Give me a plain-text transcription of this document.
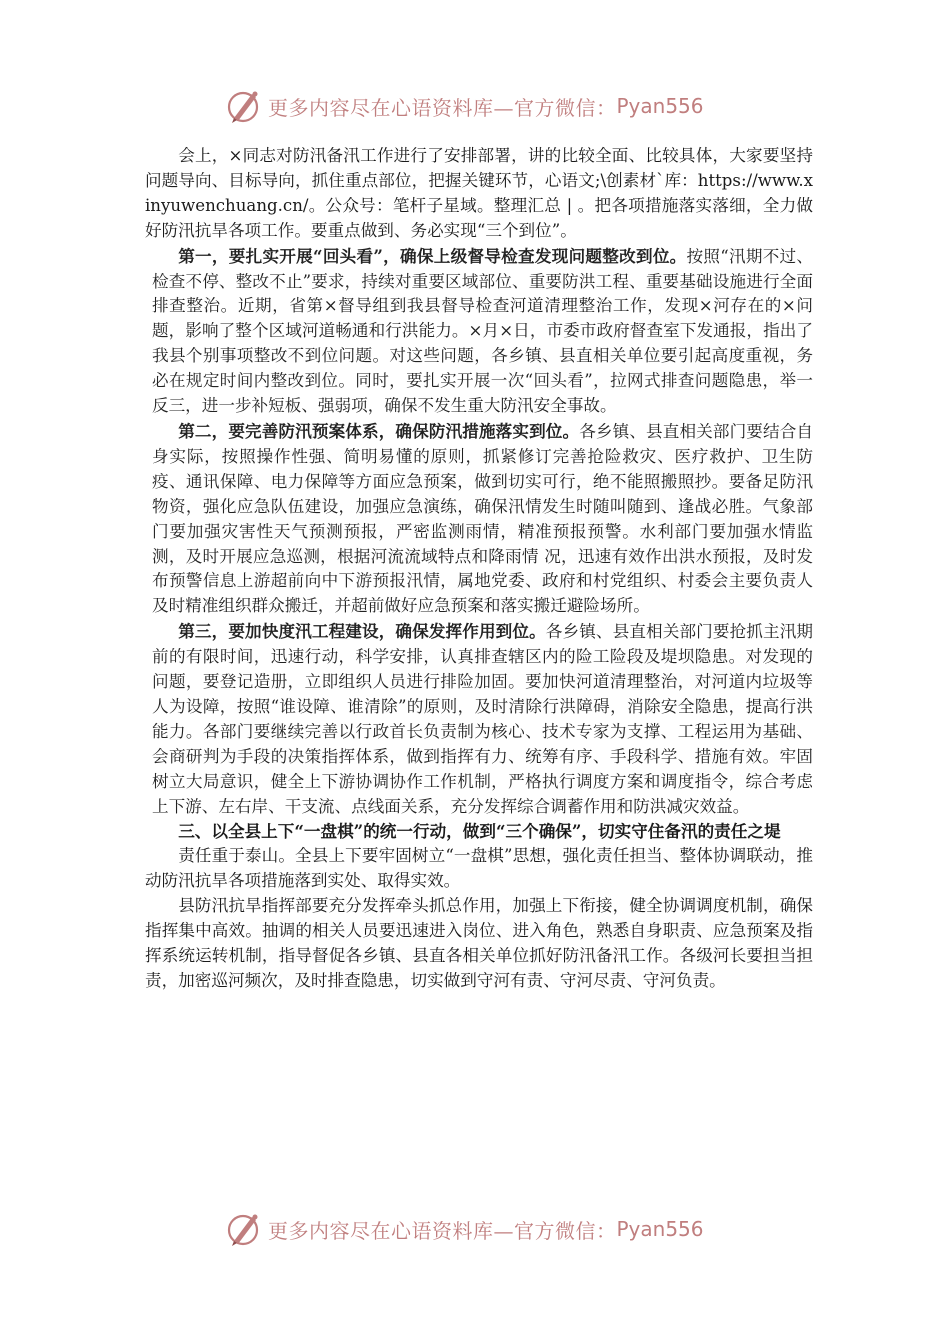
更多内容尽在心语资料库—官方微信： Pyan556

会上，×同志对防汛备汛工作进行了安排部署，讲的比较全面、比较具体，大家要坚持问题导向、目标导向，抓住重点部位，把握关键环节，心语文;\创素材`库：https://www.xinyuwenchuang.cn/。公众号：笔杆子星域。整理汇总 | 。把各项措施落实落细，全力做好防汛抗旱各项工作。要重点做到、务必实现“三个到位”。

第一，要扎实开展“回头看”，确保上级督导检查发现问题整改到位。按照“汛期不过、检查不停、整改不止”要求，持续对重要区域部位、重要防洪工程、重要基础设施进行全面排查整治。近期，省第×督导组到我县督导检查河道清理整治工作，发现×河存在的×问题，影响了整个区域河道畅通和行洪能力。×月×日，市委市政府督查室下发通报，指出了我县个别事项整改不到位问题。对这些问题，各乡镇、县直相关单位要引起高度重视，务必在规定时间内整改到位。同时，要扎实开展一次“回头看”，拉网式排查问题隐患，举一反三，进一步补短板、强弱项，确保不发生重大防汛安全事故。

第二，要完善防汛预案体系，确保防汛措施落实到位。各乡镇、县直相关部门要结合自身实际，按照操作性强、简明易懂的原则，抓紧修订完善抢险救灾、医疗救护、卫生防疫、通讯保障、电力保障等方面应急预案，做到切实可行，绝不能照搬照抄。要备足防汛物资，强化应急队伍建设，加强应急演练，确保汛情发生时随叫随到、逢战必胜。气象部门要加强灾害性天气预测预报，严密监测雨情，精准预报预警。水利部门要加强水情监测，及时开展应急巡测，根据河流流域特点和降雨情 况，迅速有效作出洪水预报，及时发布预警信息上游超前向中下游预报汛情，属地党委、政府和村党组织、村委会主要负责人及时精准组织群众搬迁，并超前做好应急预案和落实搬迁避险场所。

第三，要加快度汛工程建设，确保发挥作用到位。各乡镇、县直相关部门要抢抓主汛期前的有限时间，迅速行动，科学安排，认真排查辖区内的险工险段及堤坝隐患。对发现的问题，要登记造册，立即组织人员进行排险加固。要加快河道清理整治，对河道内垃圾等人为设障，按照“谁设障、谁清除”的原则，及时清除行洪障碍，消除安全隐患，提高行洪能力。各部门要继续完善以行政首长负责制为核心、技术专家为支撑、工程运用为基础、会商研判为手段的决策指挥体系，做到指挥有力、统筹有序、手段科学、措施有效。牢固树立大局意识，健全上下游协调协作工作机制，严格执行调度方案和调度指令，综合考虑上下游、左右岸、干支流、点线面关系，充分发挥综合调蓄作用和防洪减灾效益。

三、以全县上下“一盘棋”的统一行动，做到“三个确保”，切实守住备汛的责任之堤

责任重于泰山。全县上下要牢固树立“一盘棋”思想，强化责任担当、整体协调联动，推动防汛抗旱各项措施落到实处、取得实效。

县防汛抗旱指挥部要充分发挥牵头抓总作用，加强上下衔接，健全协调调度机制，确保指挥集中高效。抽调的相关人员要迅速进入岗位、进入角色，熟悉自身职责、应急预案及指挥系统运转机制，指导督促各乡镇、县直各相关单位抓好防汛备汛工作。各级河长要担当担责，加密巡河频次，及时排查隐患，切实做到守河有责、守河尽责、守河负责。

更多内容尽在心语资料库—官方微信： Pyan556
